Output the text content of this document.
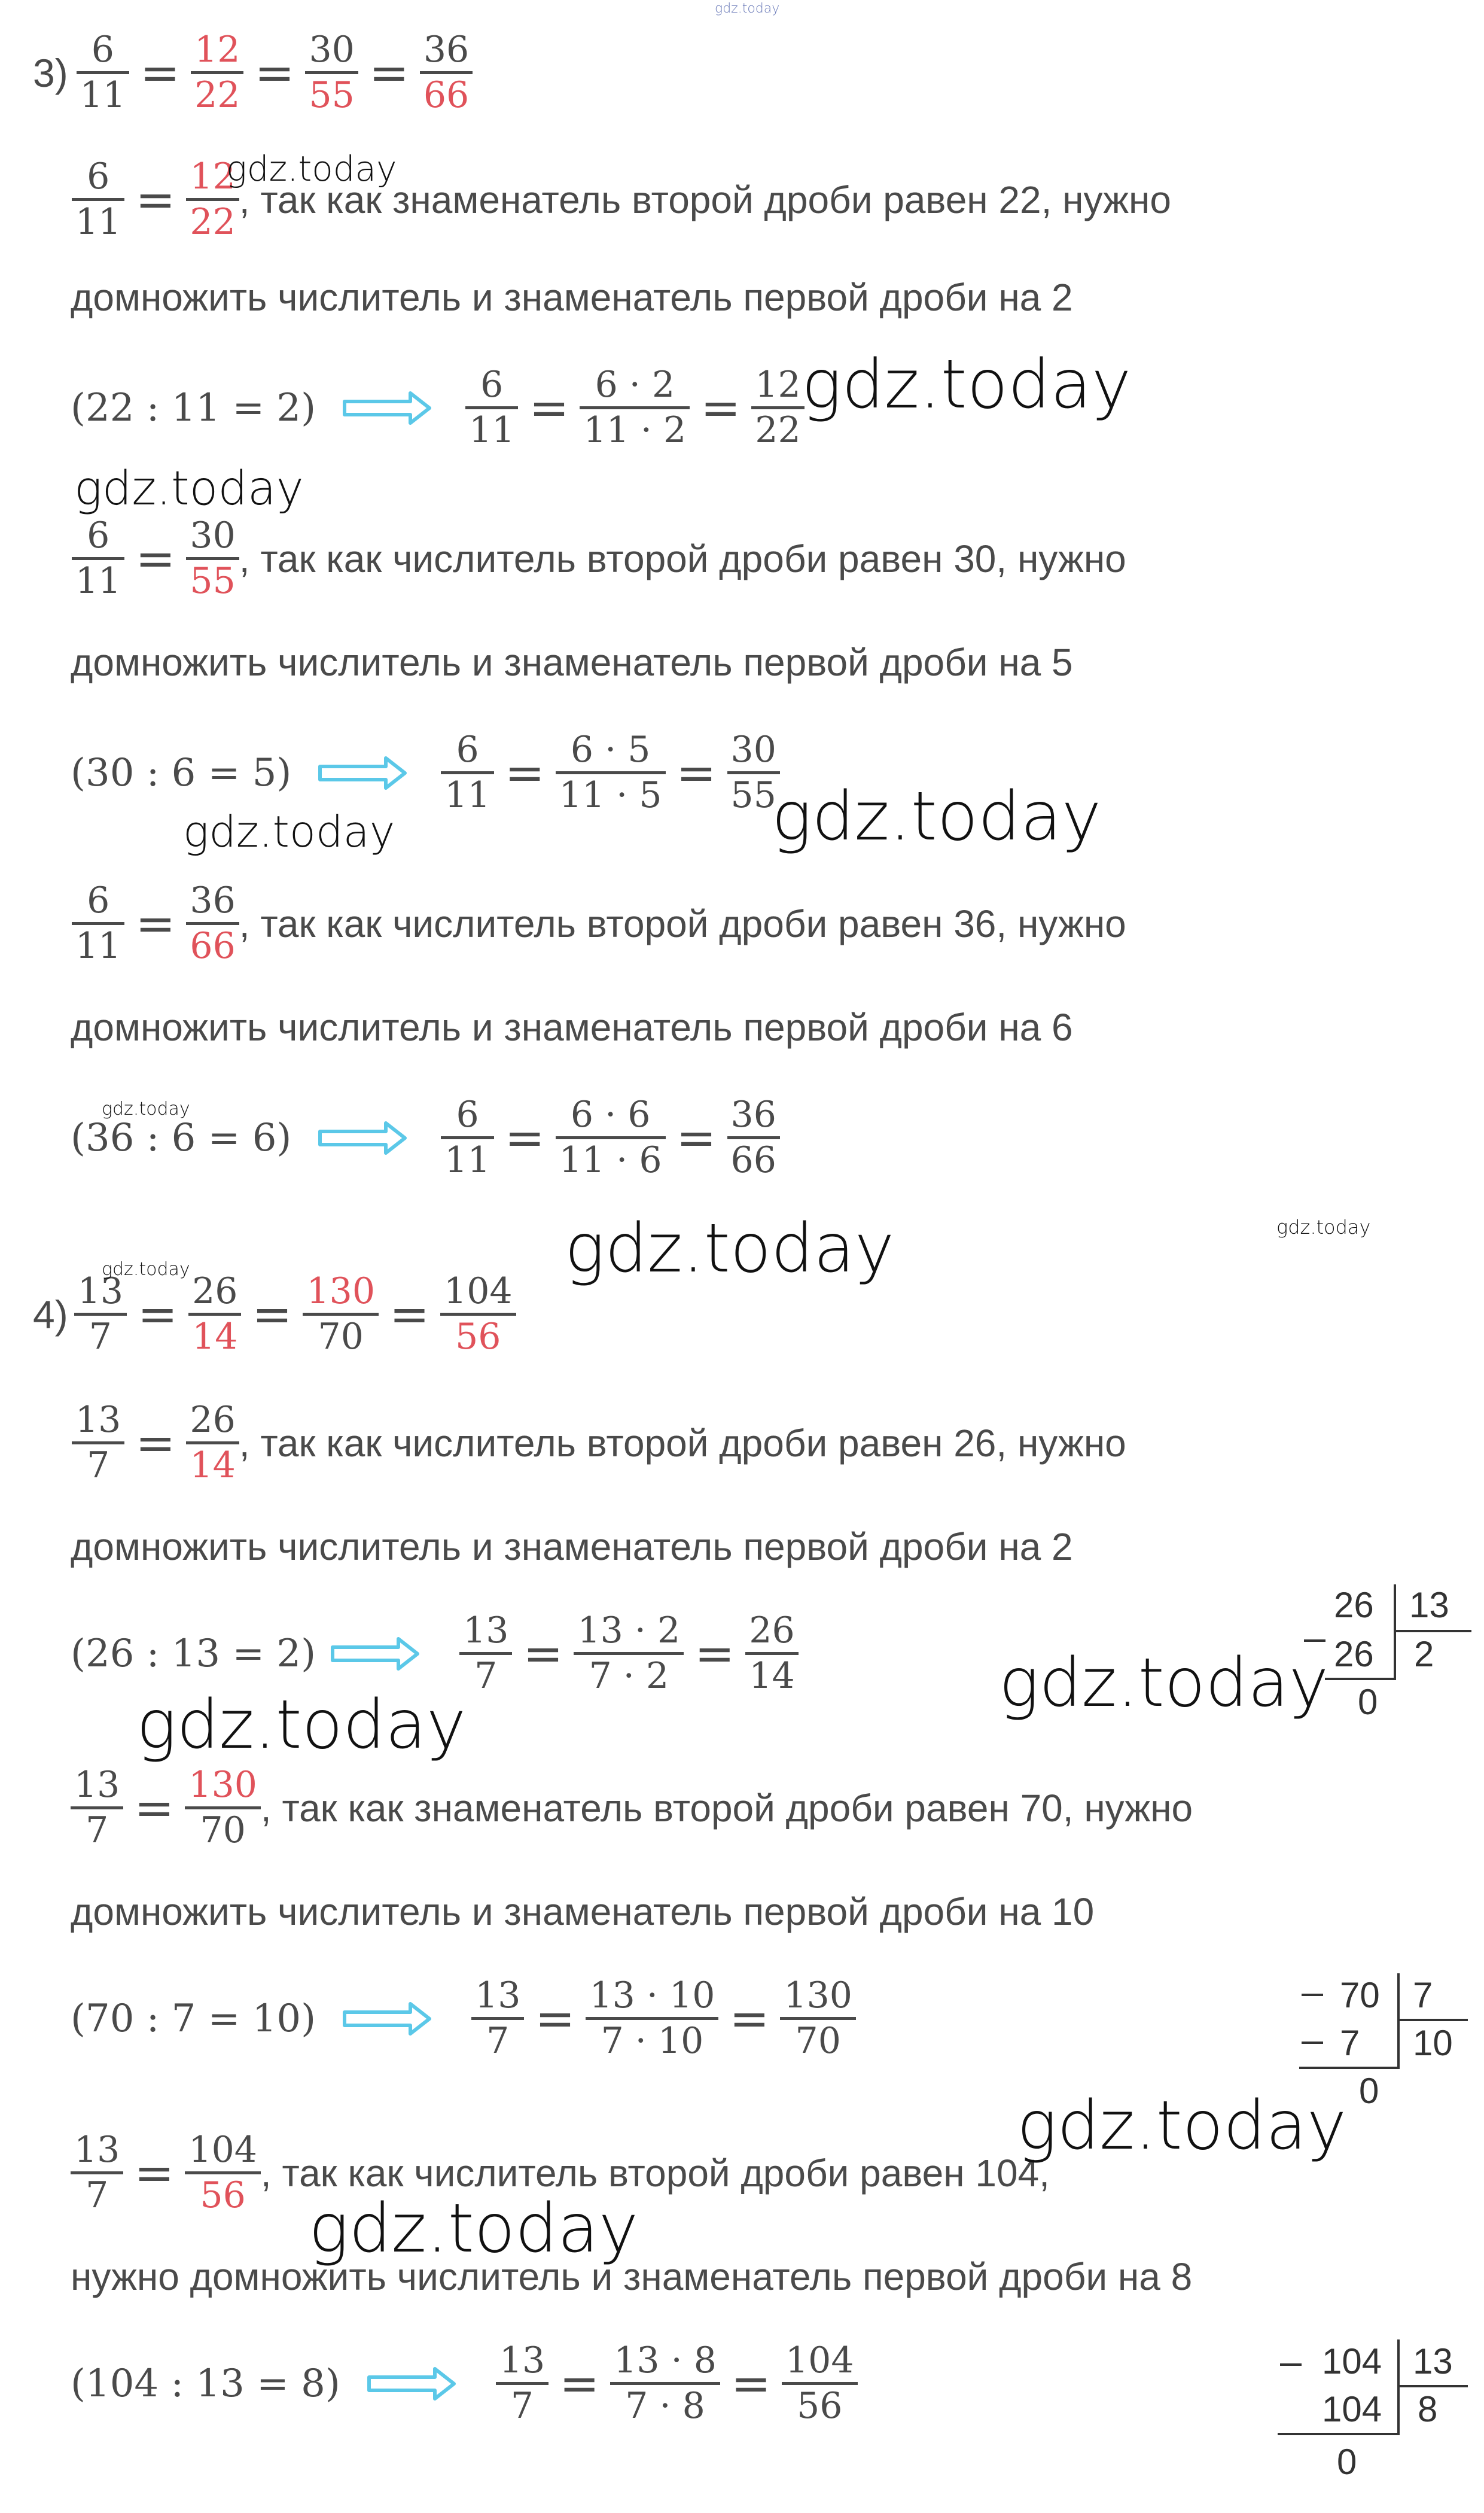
gdz.today
$3) \frac{6}{11} = \frac{12}{22} = \frac{30}{55} = \frac{36}{66}$
$\frac{6}{11} = \frac{12}{22}$ , так как знаменатель второй дроби равен 22, нужно
домножить числитель и знаменатель первой дроби на 2
(22 : 11 = 2)	$\frac{6}{11} = \frac{6 \cdot 2}{11 \cdot 2} = \frac{12}{22}$
$\frac{6}{11} = \frac{30}{55}$ , так как числитель второй дроби равен 30, нужно
домножить числитель и знаменатель первой дроби на 5
(30 : 6 = 5)	$\frac{6}{11} = \frac{6 \cdot 5}{11 \cdot 5} = \frac{30}{55}$
$\frac{6}{11} = \frac{36}{66}$ , так как числитель второй дроби равен 36, нужно
домножить числитель и знаменатель первой дроби на 6
(36 : 6 = 6)	$\frac{6}{11} = \frac{6 \cdot 6}{11 \cdot 6} = \frac{36}{66}$
$4) \frac{13}{7} = \frac{26}{14} = \frac{130}{70} = \frac{104}{56}$
$\frac{13}{7} = \frac{26}{14}$ , так как числитель второй дроби равен 26, нужно
домножить числитель и знаменатель первой дроби на 2
(26 : 13 = 2)	$\frac{13}{7} = \frac{13 \cdot 2}{7 \cdot 2} = \frac{26}{14}$
26 13
26 2
0
$\frac{13}{7} = \frac{130}{70}$ , так как знаменатель второй дроби равен 70, нужно
домножить числитель и знаменатель первой дроби на 10
(70 : 7 = 10)	$\frac{13}{7} = \frac{13 \cdot 10}{7 \cdot 10} = \frac{130}{70}$	70 7
7 10
0
$\frac{13}{7} = \frac{104}{56}$ , так как числитель второй дроби равен 104,
нужно домножить числитель и знаменатель первой дроби на 8
(104 : 13 = 8)	$\frac{13}{7} = \frac{13 \cdot 8}{7 \cdot 8} = \frac{104}{56}$	104 13
104 8
0
gdz.today
gdz.today
gdz.today
gdz.today
gdz.today
gdz.today
gdz.today	gdz.today
gdz.today
gdz.today
gdz.today
gdz.today
gdz.today
